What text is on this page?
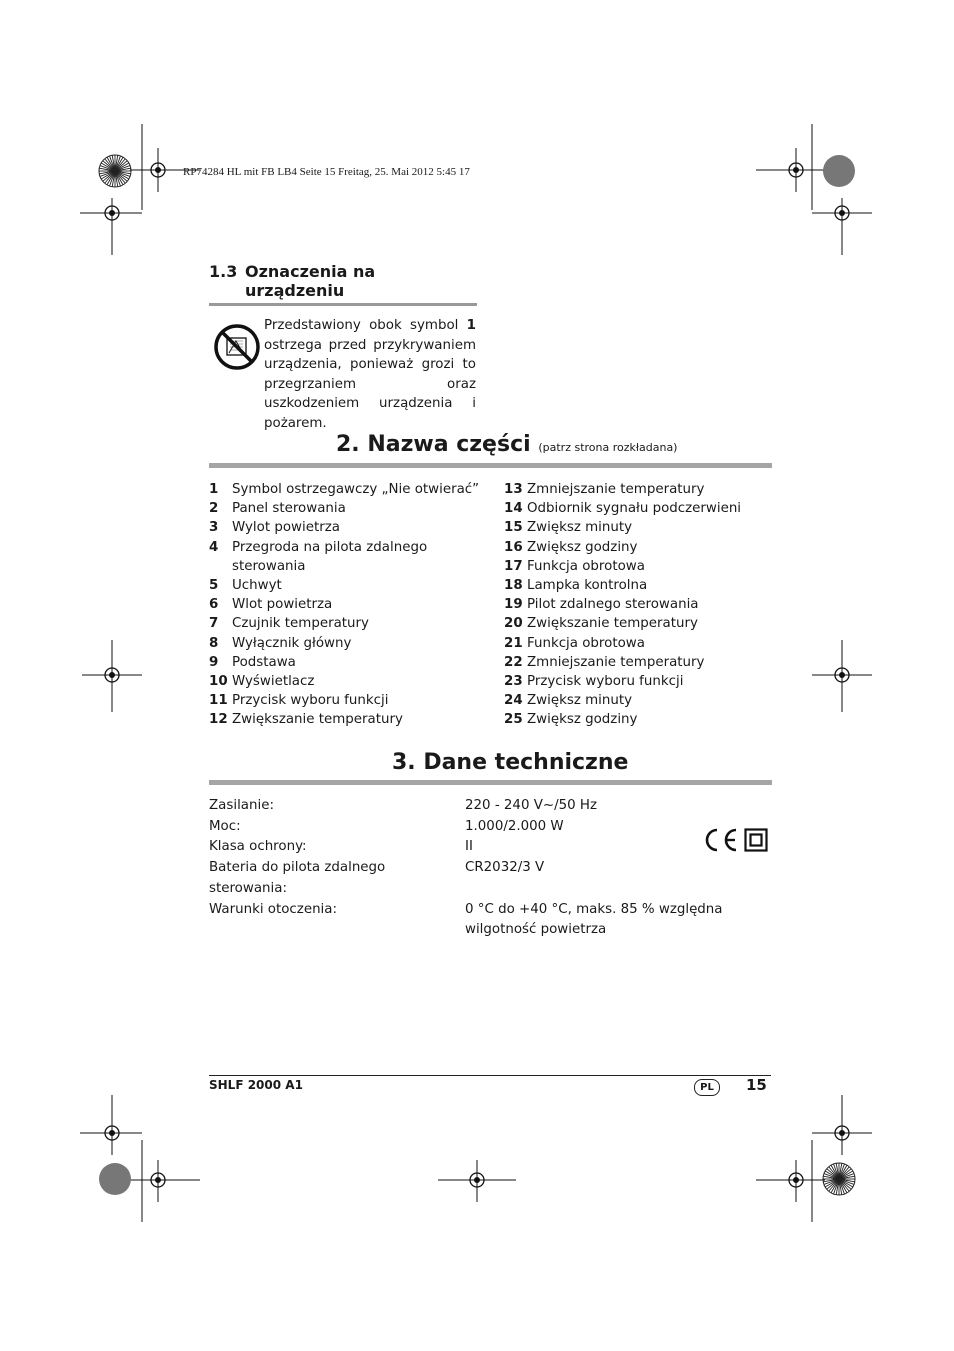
RP74284 HL mit FB LB4 Seite 15 Freitag, 25. Mai 2012 5:45 17
1.3 Oznaczenia na
urządzeniu
Przedstawiony obok symbol 1 ostrzega przed przykrywaniem urządzenia, ponieważ grozi to przegrzaniem oraz uszkodzeniem urządzenia i pożarem.
2. Nazwa części (patrz strona rozkładana)
1	Symbol ostrzegawczy „Nie otwierać”
2	Panel sterowania
3	Wylot powietrza
4	Przegroda na pilota zdalnego sterowania
5	Uchwyt
6	Wlot powietrza
7	Czujnik temperatury
8	Wyłącznik główny
9	Podstawa
10 Wyświetlacz
11 Przycisk wyboru funkcji
12 Zwiększanie temperatury
13 Zmniejszanie temperatury
14 Odbiornik sygnału podczerwieni
15 Zwiększ minuty
16 Zwiększ godziny
17 Funkcja obrotowa
18 Lampka kontrolna
19 Pilot zdalnego sterowania
20 Zwiększanie temperatury
21 Funkcja obrotowa
22 Zmniejszanie temperatury
23 Przycisk wyboru funkcji
24 Zwiększ minuty
25 Zwiększ godziny
3. Dane techniczne
Zasilanie:	220 - 240 V~/50 Hz
Moc:	1.000/2.000 W
Klasa ochrony:	II
Bateria do pilota zdalnego sterowania:
CR2032/3 V
Warunki otoczenia:	0 °C do +40 °C, maks. 85 % względna wilgotność powietrza
SHLF 2000 A1	PL	15
